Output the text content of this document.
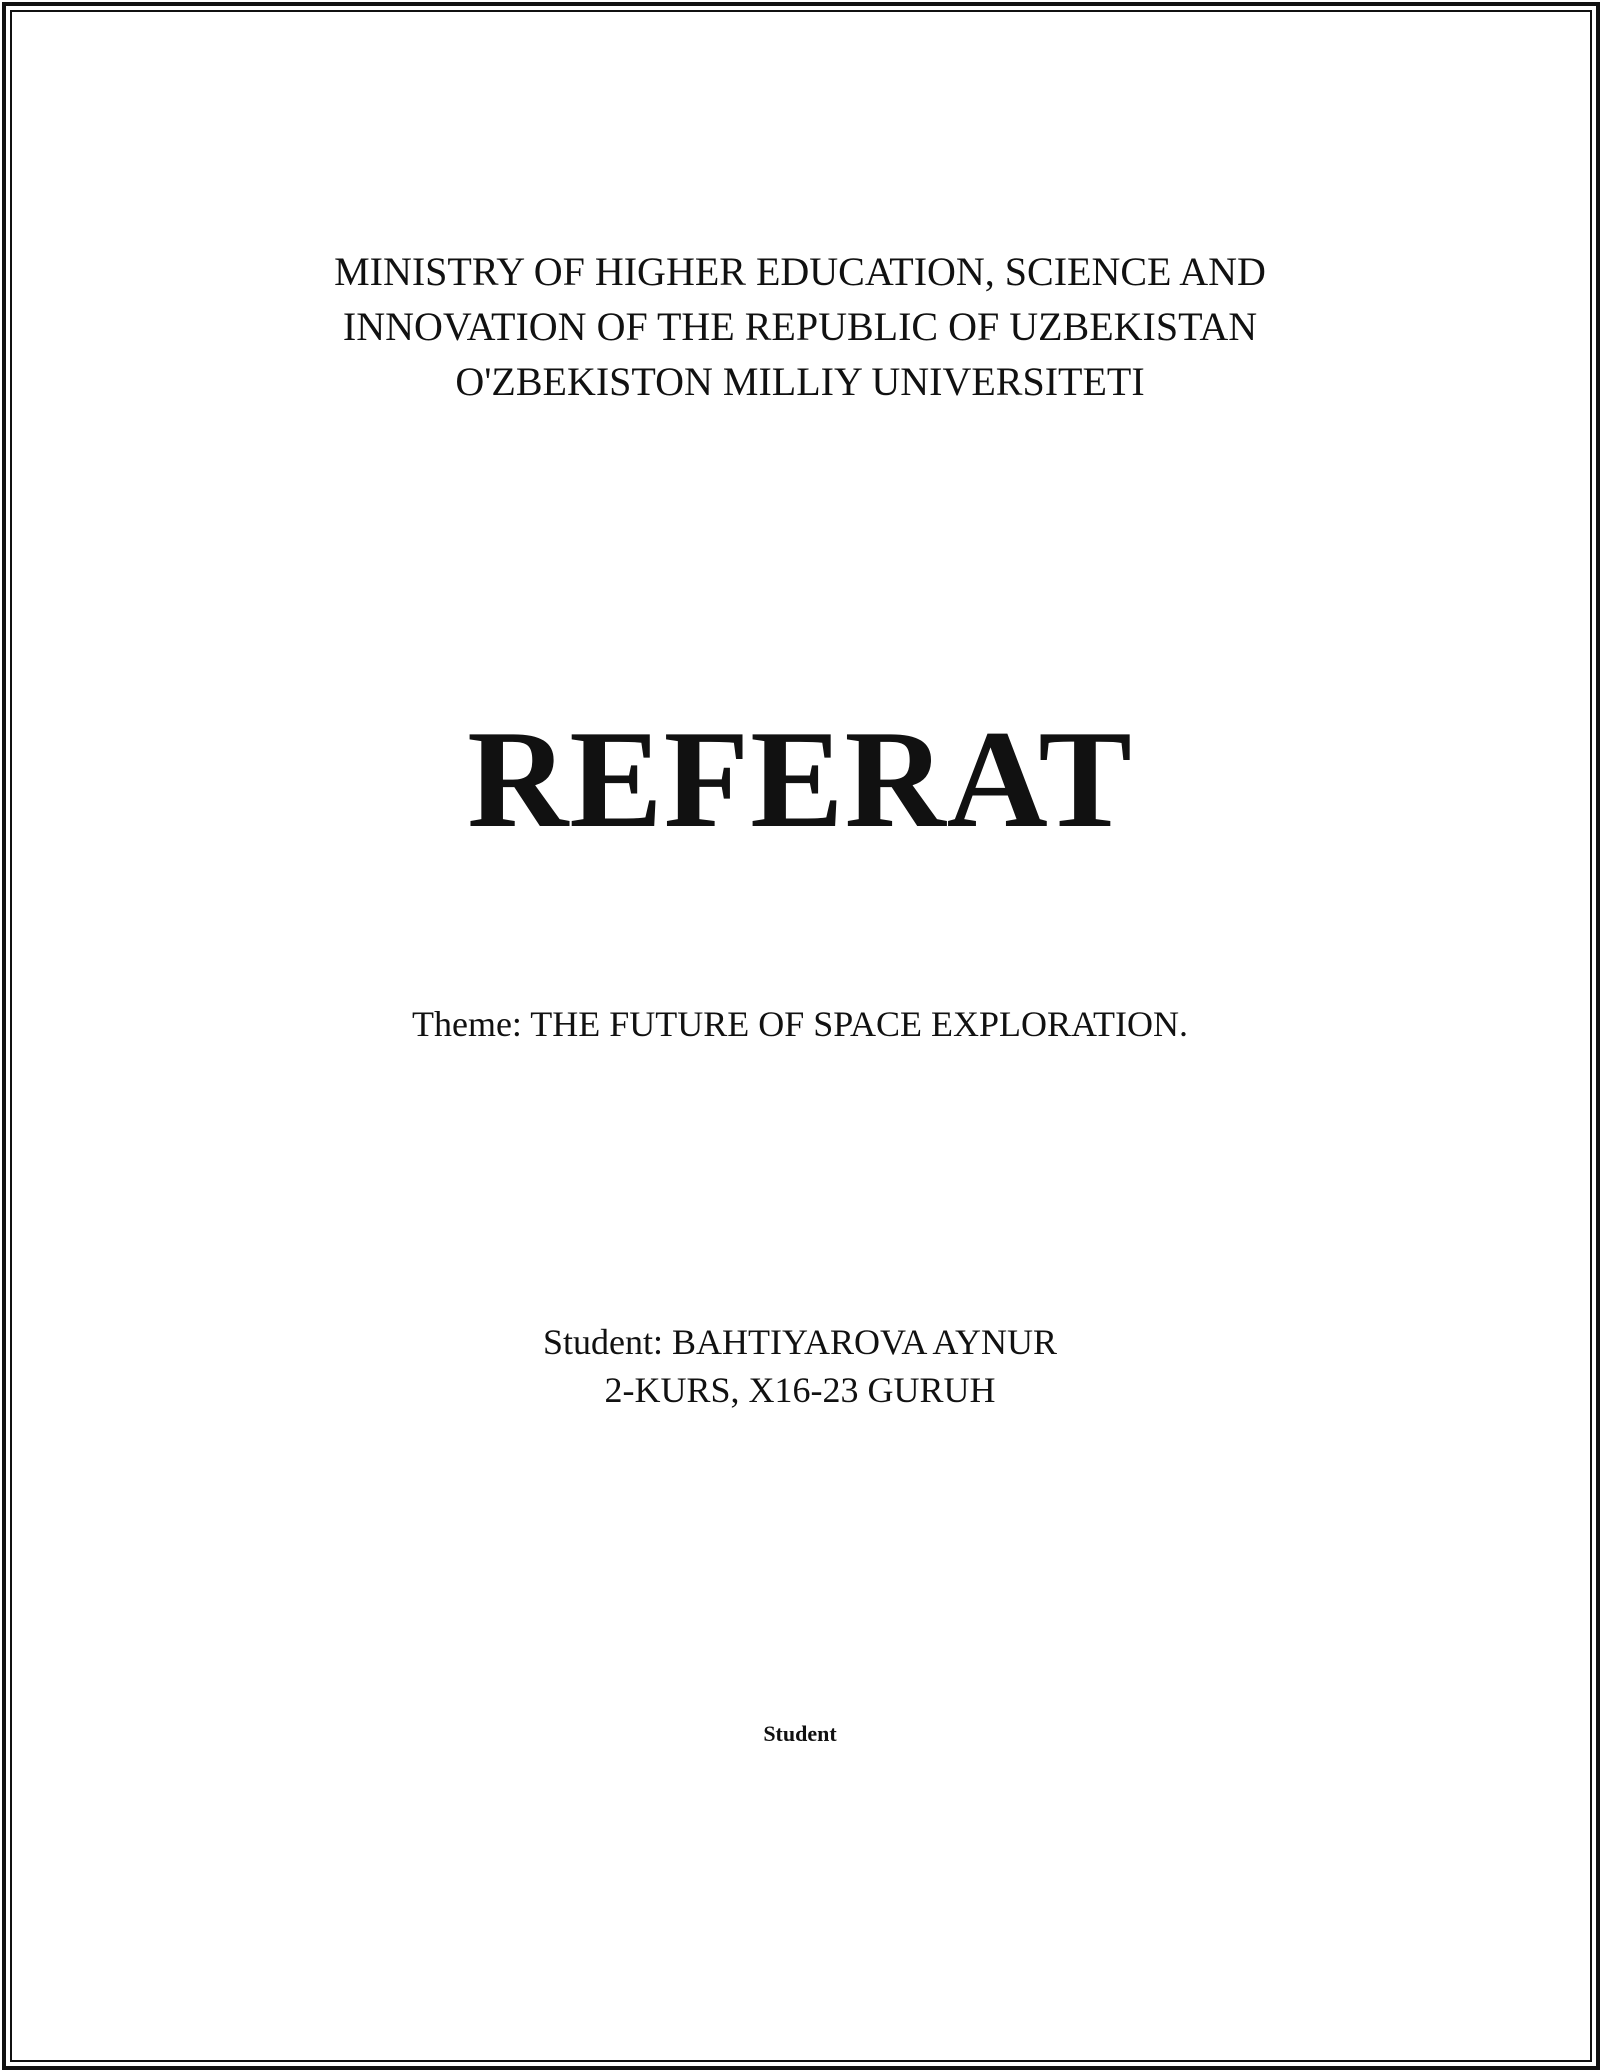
MINISTRY OF HIGHER EDUCATION, SCIENCE AND
INNOVATION OF THE REPUBLIC OF UZBEKISTAN
O'ZBEKISTON MILLIY UNIVERSITETI
REFERAT
Theme: THE FUTURE OF SPACE EXPLORATION.
Student: BAHTIYAROVA AYNUR
2-KURS, X16-23 GURUH
Student
